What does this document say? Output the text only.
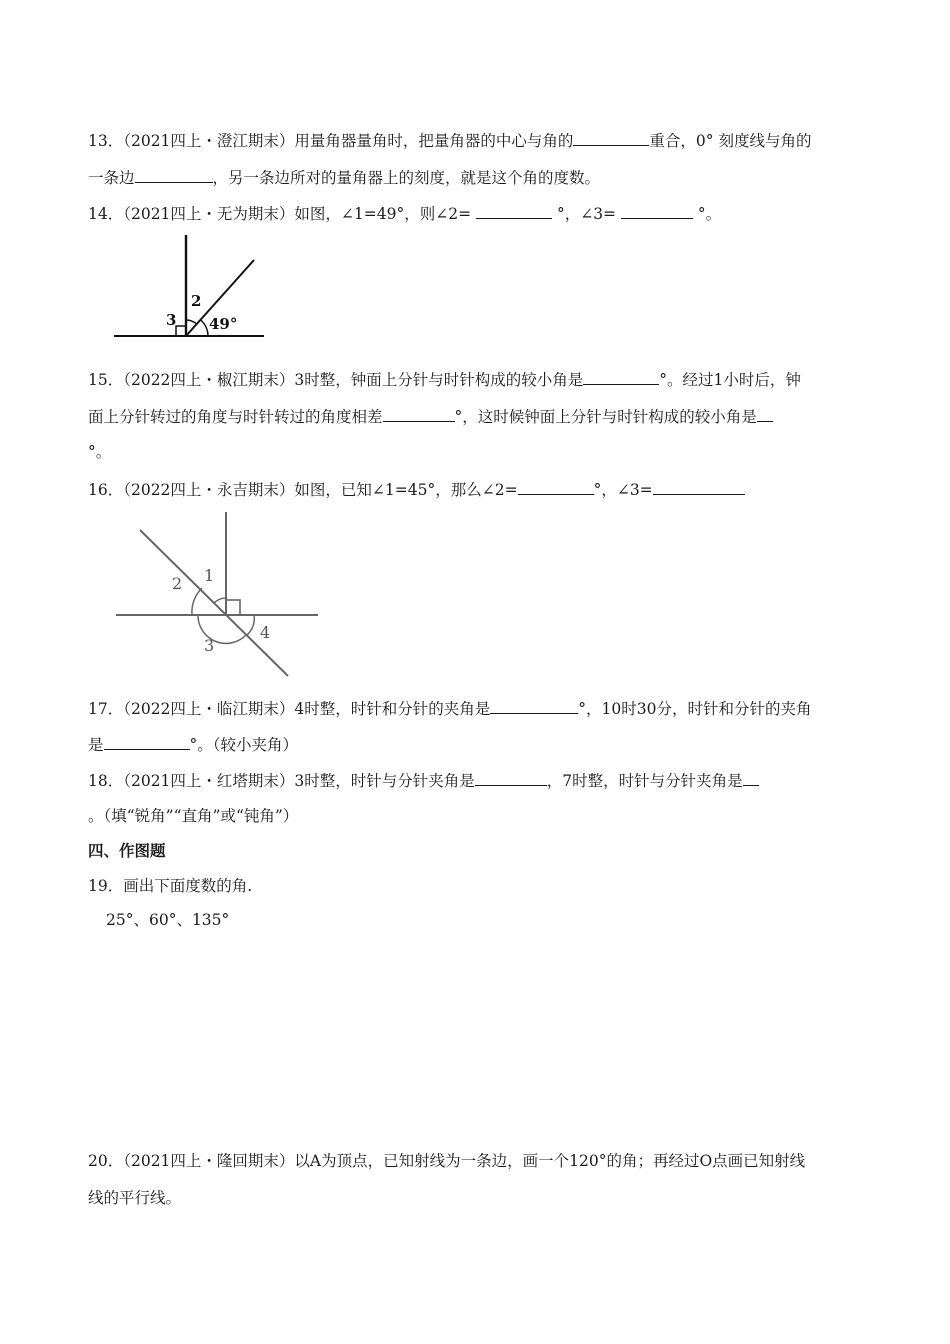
13．（2021四上・澄江期末）用量角器量角时，把量角器的中心与角的	重合，0° 刻度线与角的
一条边	，另一条边所对的量角器上的刻度，就是这个角的度数。
14．（2021四上・无为期末）如图，∠1=49°，则∠2=	°，∠3=	°。
3
2
49°
15．（2022四上・椒江期末）3时整，钟面上分针与时针构成的较小角是	°。经过1小时后，钟
面上分针转过的角度与时针转过的角度相差	°，这时候钟面上分针与时针构成的较小角是
°。
16．（2022四上・永吉期末）如图，已知∠1=45°，那么∠2=	°，∠3=
2 1
3
4
17．（2022四上・临江期末）4时整，时针和分针的夹角是	°，10时30分，时针和分针的夹角
是	°。（较小夹角）
18．（2021四上・红塔期末）3时整，时针与分针夹角是	，7时整，时针与分针夹角是
。（填“锐角”“直角”或“钝角”）
四、作图题
19．画出下面度数的角.
25°、60°、135°
20．（2021四上・隆回期末）以A为顶点，已知射线为一条边，画一个120°的角；再经过O点画已知射线
线的平行线。
